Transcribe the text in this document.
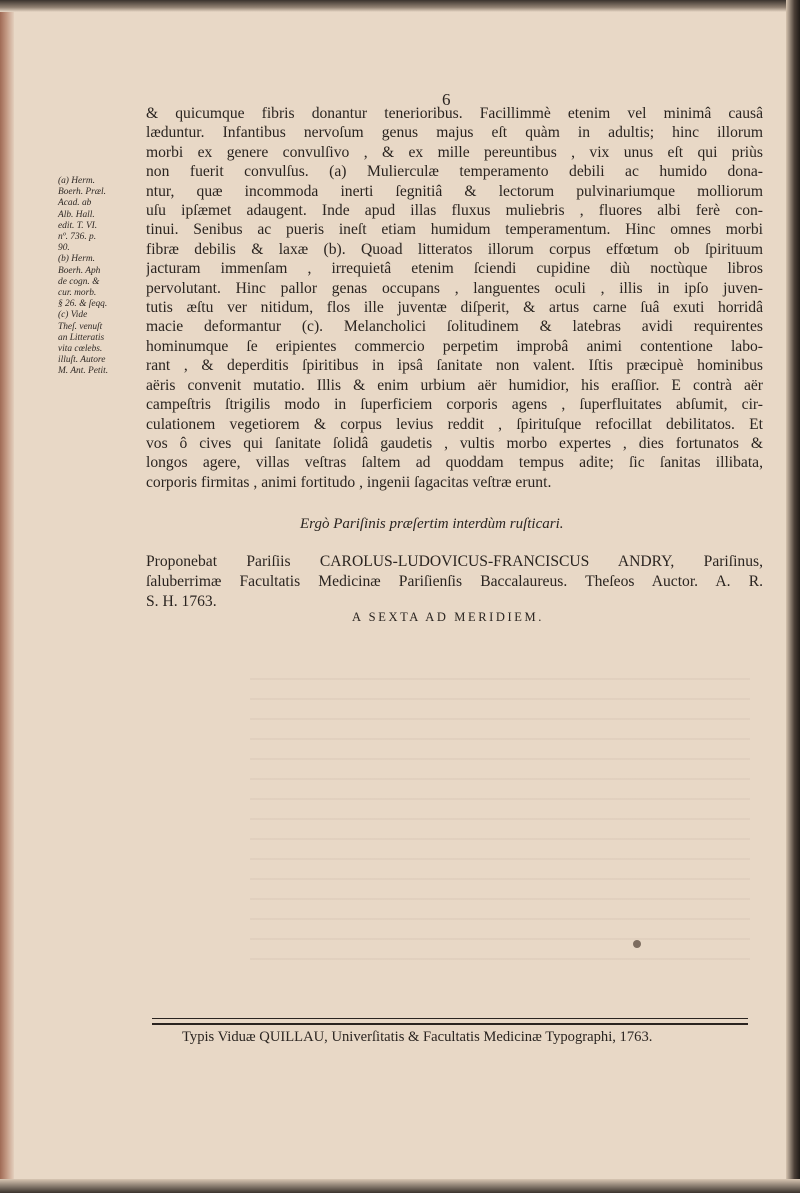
6
& quicumque fibris donantur tenerioribus. Facillimmè etenim vel minimâ causâ
læduntur. Infantibus nervoſum genus majus eſt quàm in adultis; hinc illorum
morbi ex genere convulſivo , & ex mille pereuntibus , vix unus eſt qui priùs
non fuerit convulſus. (a) Mulierculæ temperamento debili ac humido dona-
ntur, quæ incommoda inerti ſegnitiâ & lectorum pulvinariumque molliorum
uſu ipſæmet adaugent. Inde apud illas fluxus muliebris , fluores albi ferè con-
tinui. Senibus ac pueris ineſt etiam humidum temperamentum. Hinc omnes morbi
fibræ debilis & laxæ (b). Quoad litteratos illorum corpus effœtum ob ſpirituum
jacturam immenſam , irrequietâ etenim ſciendi cupidine diù noctùque libros
pervolutant. Hinc pallor genas occupans , languentes oculi , illis in ipſo juven-
tutis æſtu ver nitidum, flos ille juventæ diſperit, & artus carne ſuâ exuti horridâ
macie deformantur (c). Melancholici ſolitudinem & latebras avidi requirentes
hominumque ſe eripientes commercio perpetim improbâ animi contentione labo-
rant , & deperditis ſpiritibus in ipsâ ſanitate non valent. Iſtis præcipuè hominibus
aëris convenit mutatio. Illis & enim urbium aër humidior, his eraſſior. E contrà aër
campeſtris ſtrigilis modo in ſuperficiem corporis agens , ſuperfluitates abſumit, cir-
culationem vegetiorem & corpus levius reddit , ſpirituſque refocillat debilitatos. Et
vos ô cives qui ſanitate ſolidâ gaudetis , vultis morbo expertes , dies fortunatos &
longos agere, villas veſtras ſaltem ad quoddam tempus adite; ſic ſanitas illibata,
corporis firmitas , animi fortitudo , ingenii ſagacitas veſtræ erunt.
(a) Herm.
Boerh. Præl.
Acad. ab
Alb. Hall.
edit. T. VI.
nº. 736. p.
90.
(b) Herm.
Boerh. Aph
de cogn. &
cur. morb.
§ 26. & ſeqq.
(c) Vide
Theſ. venuſt
an Litteratis
vita cœlebs.
illuſt. Autore
M. Ant. Petit.
Ergò Pariſinis præſertim interdùm ruſticari.
Proponebat Pariſiis CAROLUS-LUDOVICUS-FRANCISCUS ANDRY, Pariſinus,
ſaluberrimæ Facultatis Medicinæ Pariſienſis Baccalaureus. Theſeos Auctor. A. R.
S. H. 1763.
A SEXTA AD MERIDIEM.
Typis Viduæ QUILLAU, Univerſitatis & Facultatis Medicinæ Typographi, 1763.
